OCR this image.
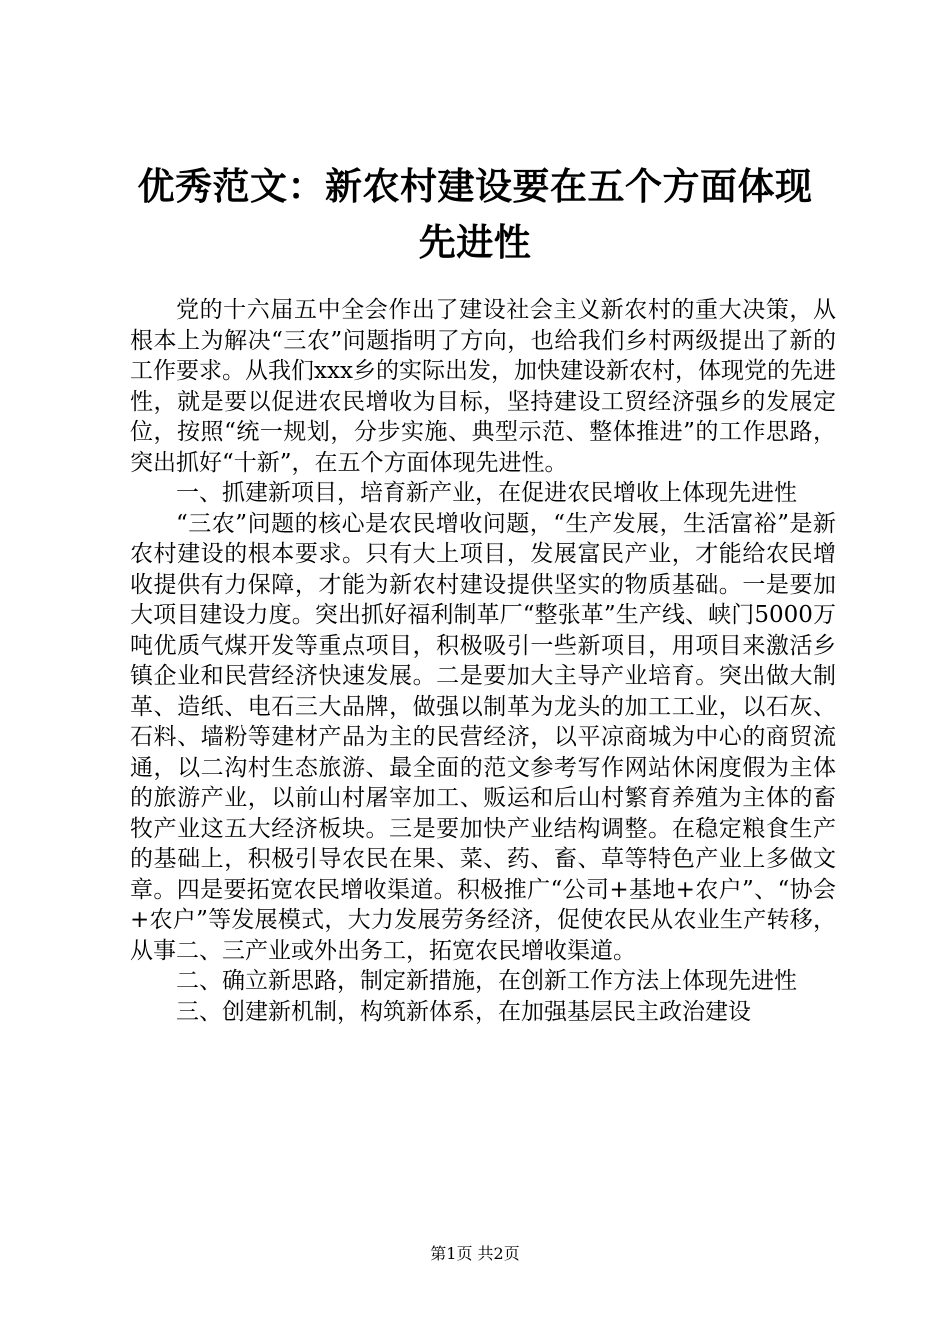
优秀范文：新农村建设要在五个方面体现先进性

党的十六届五中全会作出了建设社会主义新农村的重大决策，从根本上为解决“三农”问题指明了方向，也给我们乡村两级提出了新的工作要求。从我们xxx乡的实际出发，加快建设新农村，体现党的先进性，就是要以促进农民增收为目标，坚持建设工贸经济强乡的发展定位，按照“统一规划，分步实施、典型示范、整体推进”的工作思路，突出抓好“十新”，在五个方面体现先进性。

一、抓建新项目，培育新产业，在促进农民增收上体现先进性

“三农”问题的核心是农民增收问题，“生产发展，生活富裕”是新农村建设的根本要求。只有大上项目，发展富民产业，才能给农民增收提供有力保障，才能为新农村建设提供坚实的物质基础。一是要加大项目建设力度。突出抓好福利制革厂“整张革”生产线、峡门5000万吨优质气煤开发等重点项目，积极吸引一些新项目，用项目来激活乡镇企业和民营经济快速发展。二是要加大主导产业培育。突出做大制革、造纸、电石三大品牌，做强以制革为龙头的加工工业，以石灰、石料、墙粉等建材产品为主的民营经济，以平凉商城为中心的商贸流通，以二沟村生态旅游、最全面的范文参考写作网站休闲度假为主体的旅游产业，以前山村屠宰加工、贩运和后山村繁育养殖为主体的畜牧产业这五大经济板块。三是要加快产业结构调整。在稳定粮食生产的基础上，积极引导农民在果、菜、药、畜、草等特色产业上多做文章。四是要拓宽农民增收渠道。积极推广“公司+基地+农户”、“协会+农户”等发展模式，大力发展劳务经济，促使农民从农业生产转移，从事二、三产业或外出务工，拓宽农民增收渠道。

二、确立新思路，制定新措施，在创新工作方法上体现先进性

三、创建新机制，构筑新体系，在加强基层民主政治建设

第1页 共2页
